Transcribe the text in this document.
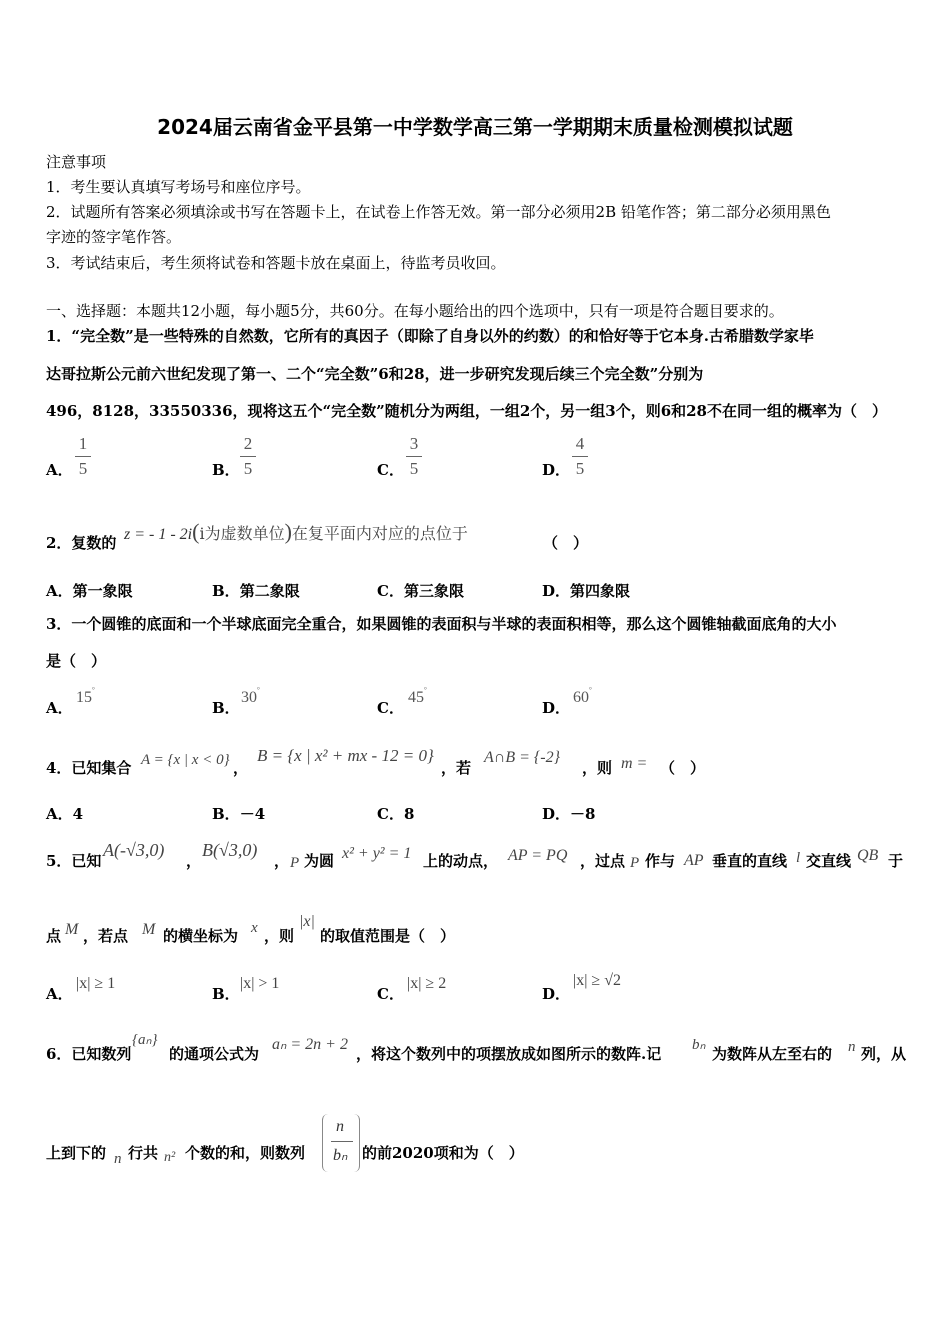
2024届云南省金平县第一中学数学高三第一学期期末质量检测模拟试题
注意事项
1．考生要认真填写考场号和座位序号。
2．试题所有答案必须填涂或书写在答题卡上，在试卷上作答无效。第一部分必须用2B 铅笔作答；第二部分必须用黑色
字迹的签字笔作答。
3．考试结束后，考生须将试卷和答题卡放在桌面上，待监考员收回。
一、选择题：本题共12小题，每小题5分，共60分。在每小题给出的四个选项中，只有一项是符合题目要求的。
1．“完全数”是一些特殊的自然数，它所有的真因子（即除了自身以外的约数）的和恰好等于它本身.古希腊数学家毕
达哥拉斯公元前六世纪发现了第一、二个“完全数”6和28，进一步研究发现后续三个完全数”分别为
496，8128，33550336，现将这五个“完全数”随机分为两组，一组2个，另一组3个，则6和28不在同一组的概率为（　）
A．
1
5	B．
2
5	C．
3
5	D．
4
5
2．复数的 z = - 1 - 2i(i为虚数单位)在复平面内对应的点位于	（　）
A．第一象限	B．第二象限	C．第三象限	D．第四象限
3．一个圆锥的底面和一个半球底面完全重合，如果圆锥的表面积与半球的表面积相等，那么这个圆锥轴截面底角的大小
是（　）
A．
15°
B．
30°
C．
45°
D．
60°
4．已知集合 A = {x | x < 0} ，
B = {x | x² + mx - 12 = 0}
，若
A∩B = {-2}
，则 m = （　）
A．4	B．－4	C．8	D．－8
5．已知
A(-√3,0)
，
B(√3,0)
， P 为圆 x² + y² = 1 上的动点， AP = PQ ，过点 P 作与 AP 垂直的直线 l 交直线 QB 于
点 M ，若点 M 的横坐标为 x ，则
|x|
的取值范围是（　）
A．
|x| ≥ 1
B．
|x| > 1
C．
|x| ≥ 2
D．
|x| ≥ √2
6．已知数列
{aₙ}
的通项公式为
aₙ = 2n + 2
，将这个数列中的项摆放成如图所示的数阵.记 bₙ 为数阵从左至右的 n 列，从
上到下的 n 行共 n² 个数的和，则数列
n
bₙ 的前2020项和为（　）
